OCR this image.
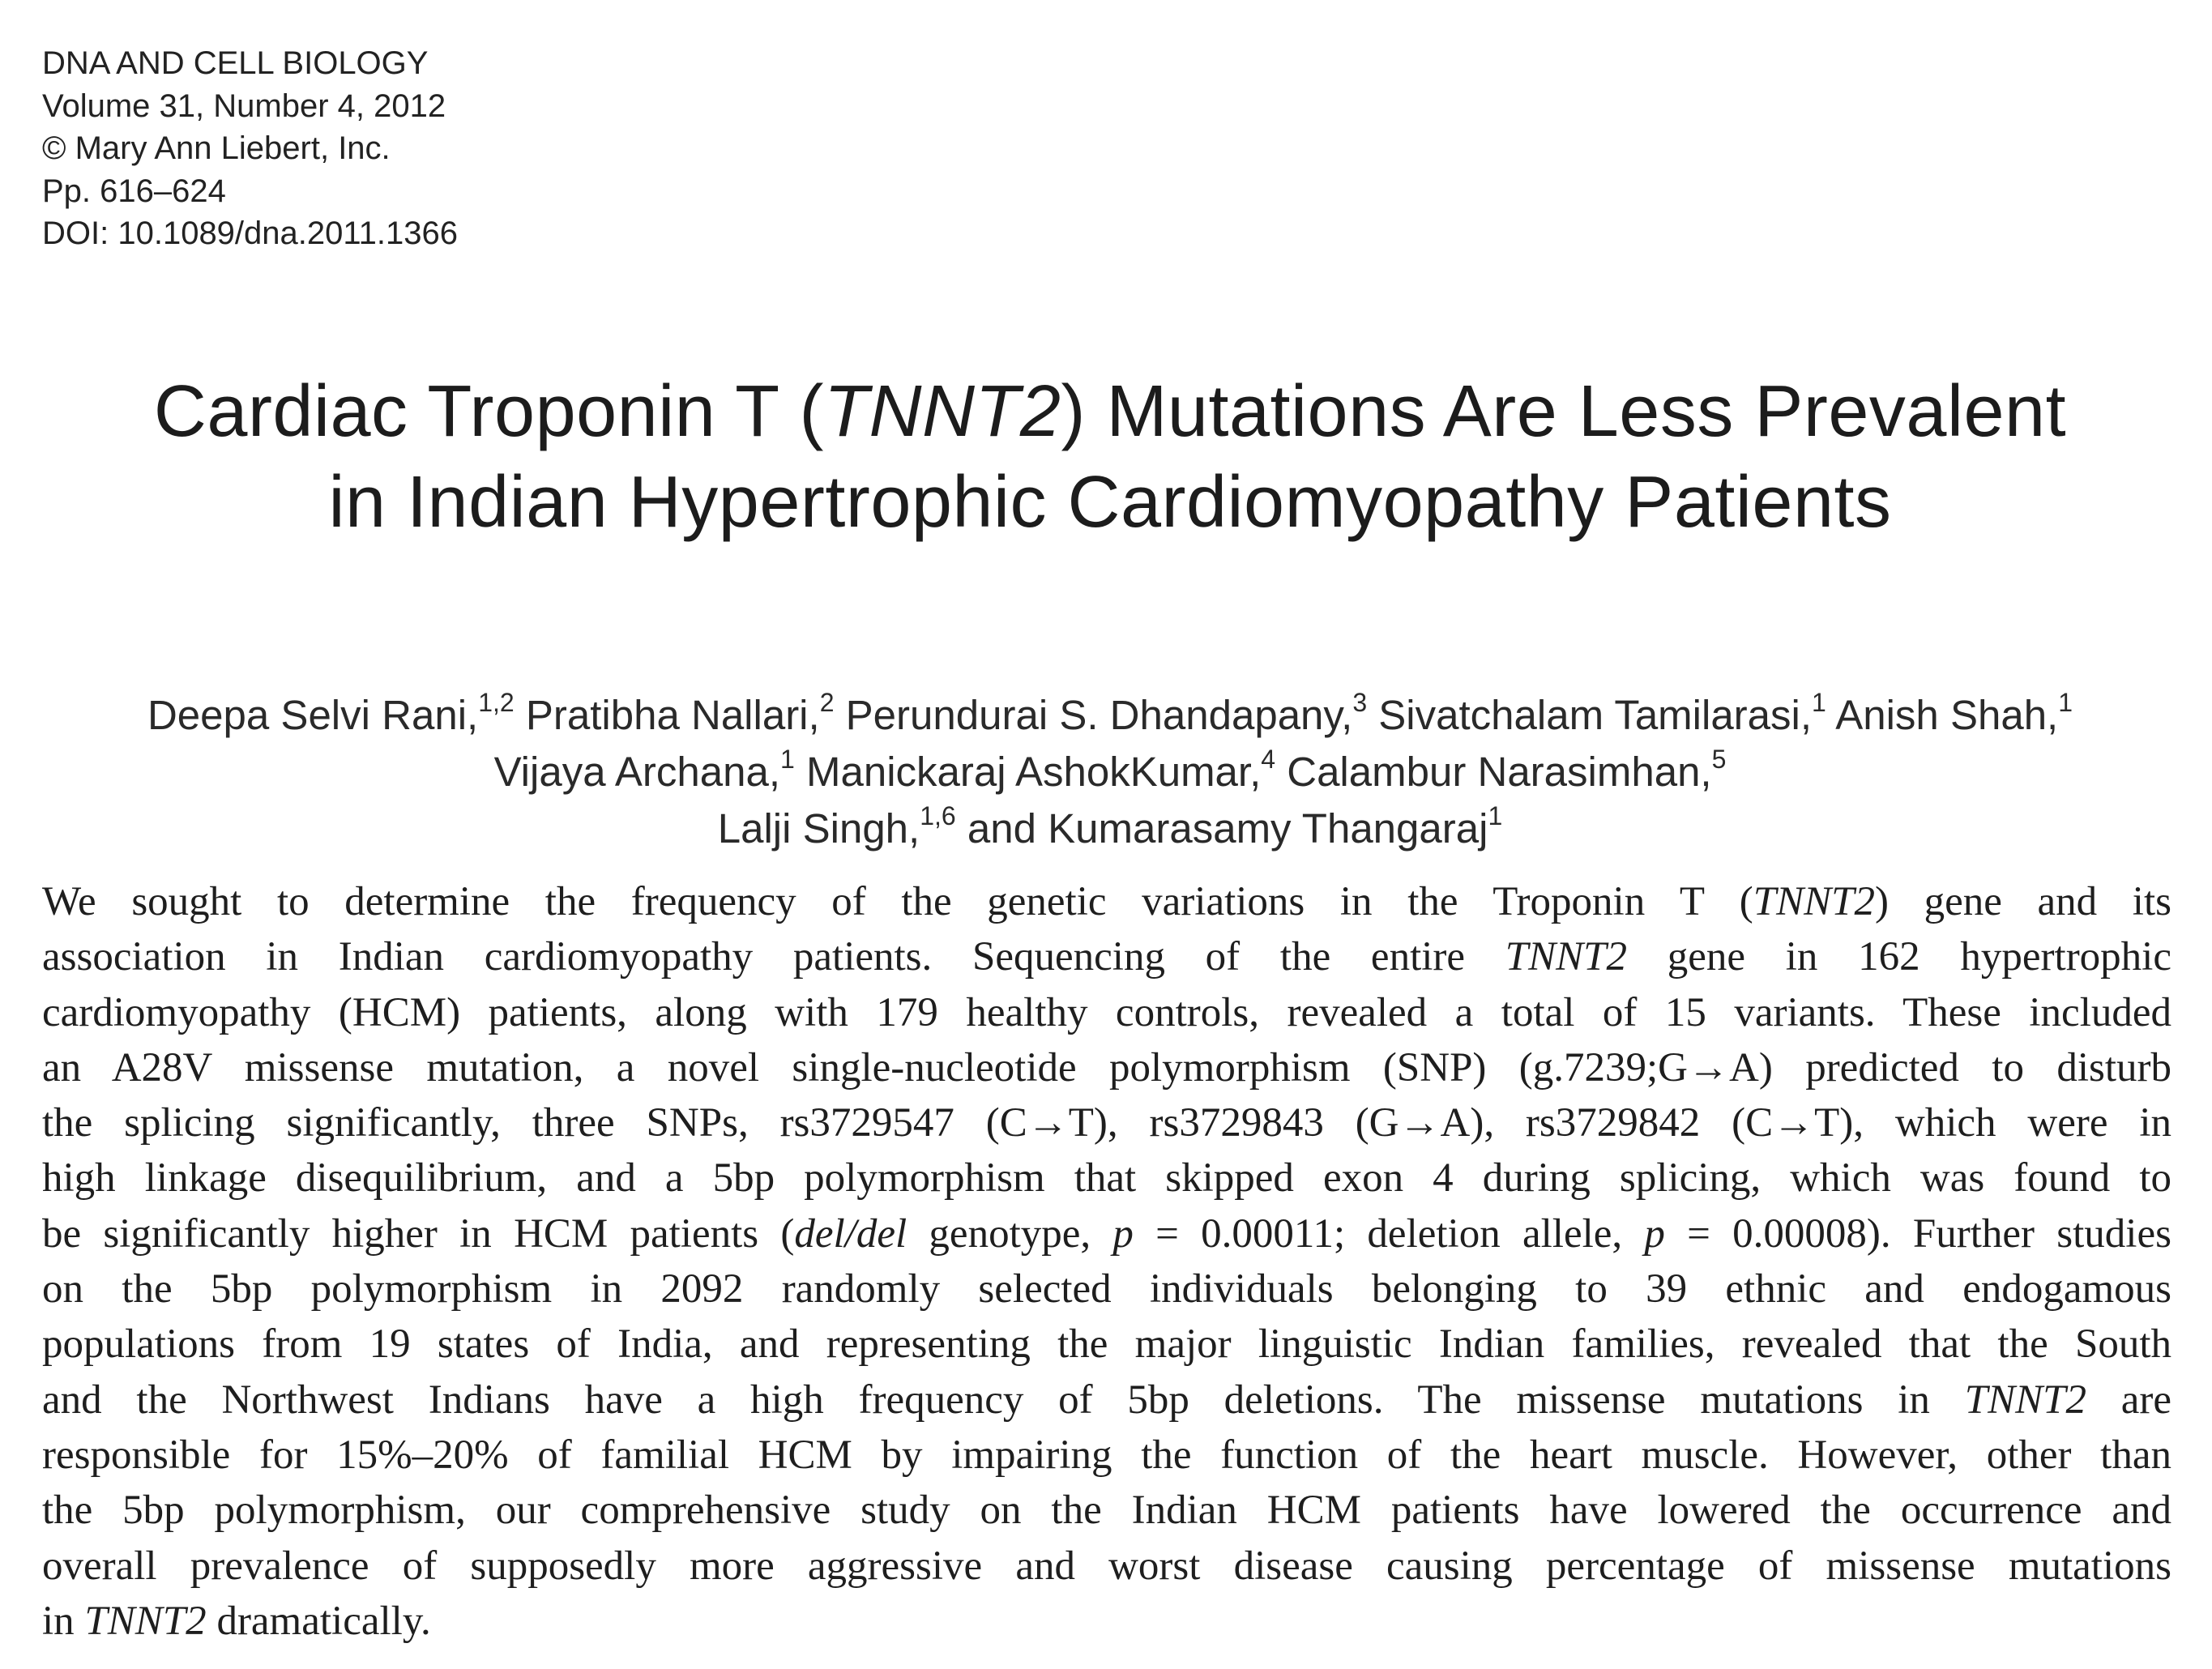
DNA AND CELL BIOLOGY
Volume 31, Number 4, 2012
© Mary Ann Liebert, Inc.
Pp. 616–624
DOI: 10.1089/dna.2011.1366
Cardiac Troponin T (TNNT2) Mutations Are Less Prevalent
in Indian Hypertrophic Cardiomyopathy Patients
Deepa Selvi Rani,$^{1,2}$ Pratibha Nallari,$^2$ Perundurai S. Dhandapany,$^3$ Sivatchalam Tamilarasi,$^1$ Anish Shah,$^1$
Vijaya Archana,$^1$ Manickaraj AshokKumar,$^4$ Calambur Narasimhan,$^5$
Lalji Singh,$^{1,6}$ and Kumarasamy Thangaraj$^1$
We sought to determine the frequency of the genetic variations in the Troponin T (TNNT2) gene and its
association in Indian cardiomyopathy patients. Sequencing of the entire TNNT2 gene in 162 hypertrophic
cardiomyopathy (HCM) patients, along with 179 healthy controls, revealed a total of 15 variants. These included
an A28V missense mutation, a novel single-nucleotide polymorphism (SNP) (g.7239;G→A) predicted to disturb
the splicing significantly, three SNPs, rs3729547 (C→T), rs3729843 (G→A), rs3729842 (C→T), which were in
high linkage disequilibrium, and a 5bp polymorphism that skipped exon 4 during splicing, which was found to
be significantly higher in HCM patients (del/del genotype, p = 0.00011; deletion allele, p = 0.00008). Further studies
on the 5bp polymorphism in 2092 randomly selected individuals belonging to 39 ethnic and endogamous
populations from 19 states of India, and representing the major linguistic Indian families, revealed that the South
and the Northwest Indians have a high frequency of 5bp deletions. The missense mutations in TNNT2 are
responsible for 15%–20% of familial HCM by impairing the function of the heart muscle. However, other than
the 5bp polymorphism, our comprehensive study on the Indian HCM patients have lowered the occurrence and
overall prevalence of supposedly more aggressive and worst disease causing percentage of missense mutations
in TNNT2 dramatically.
